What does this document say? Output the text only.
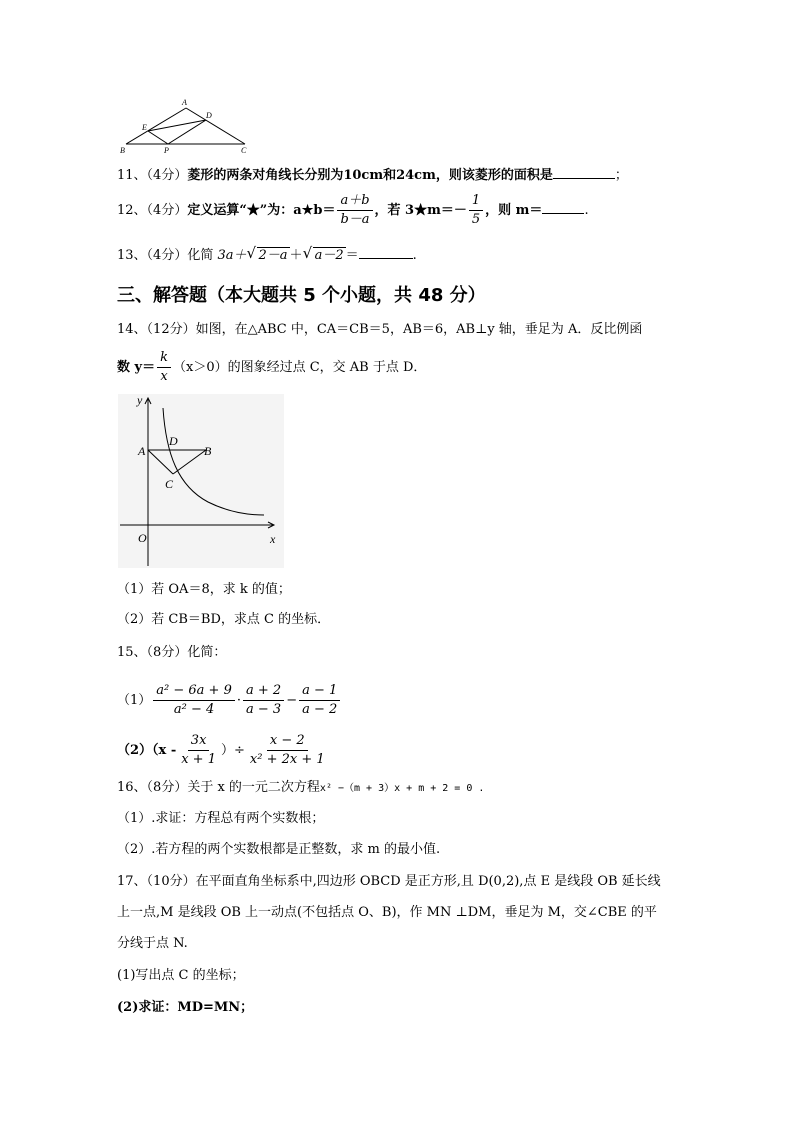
A
D
E
B	P	C
11、（4分）菱形的两条对角线长分别为10cm和24cm，则该菱形的面积是	；
12、（4分）定义运算“★”为：a★b＝ $\frac{a+b}{b-a}$ ，若 3★m＝－ $\frac{1}{5}$ ，则 m＝	.
13、（4分）化简 3a＋ √ 2－a ＋ √ a－2 ＝	.
三、解答题（本大题共 5 个小题，共 48 分）
14、（12分）如图，在△ABC 中，CA＝CB＝5，AB＝6，AB⊥y 轴，垂足为 A．反比例函
数 $y= \frac{k}{x} (x>0)$的图象经过点 C，交 AB 于点 D．
y
x
O
A
D
B
C
（1）若 OA＝8，求 k 的值；
（2）若 CB＝BD，求点 C 的坐标．
15、（8分）化简：
$(1) \frac{\text{a² − 6a + 9}}{\text{a² − 4}} \cdot \frac{a + 2}{a - 3} - \frac{a - 1}{a - 2}$
$(2)(x - \frac{3x}{x + 1}$ ）÷ $\frac{x - 2}{\text{x² + 2x + 1}}$
16、（8分）关于 x 的一元二次方程x² −（m + 3）x + m + 2 = 0 .
（1）.求证：方程总有两个实数根；
（2）.若方程的两个实数根都是正整数，求 m 的最小值.
17、（10分）在平面直角坐标系中,四边形 OBCD 是正方形,且 D(0,2),点 E 是线段 OB 延长线
上一点,M 是线段 OB 上一动点(不包括点 O、B)，作 MN ⊥DM，垂足为 M，交∠CBE 的平
分线于点 N.
(1)写出点 C 的坐标；
(2)求证：MD=MN；
